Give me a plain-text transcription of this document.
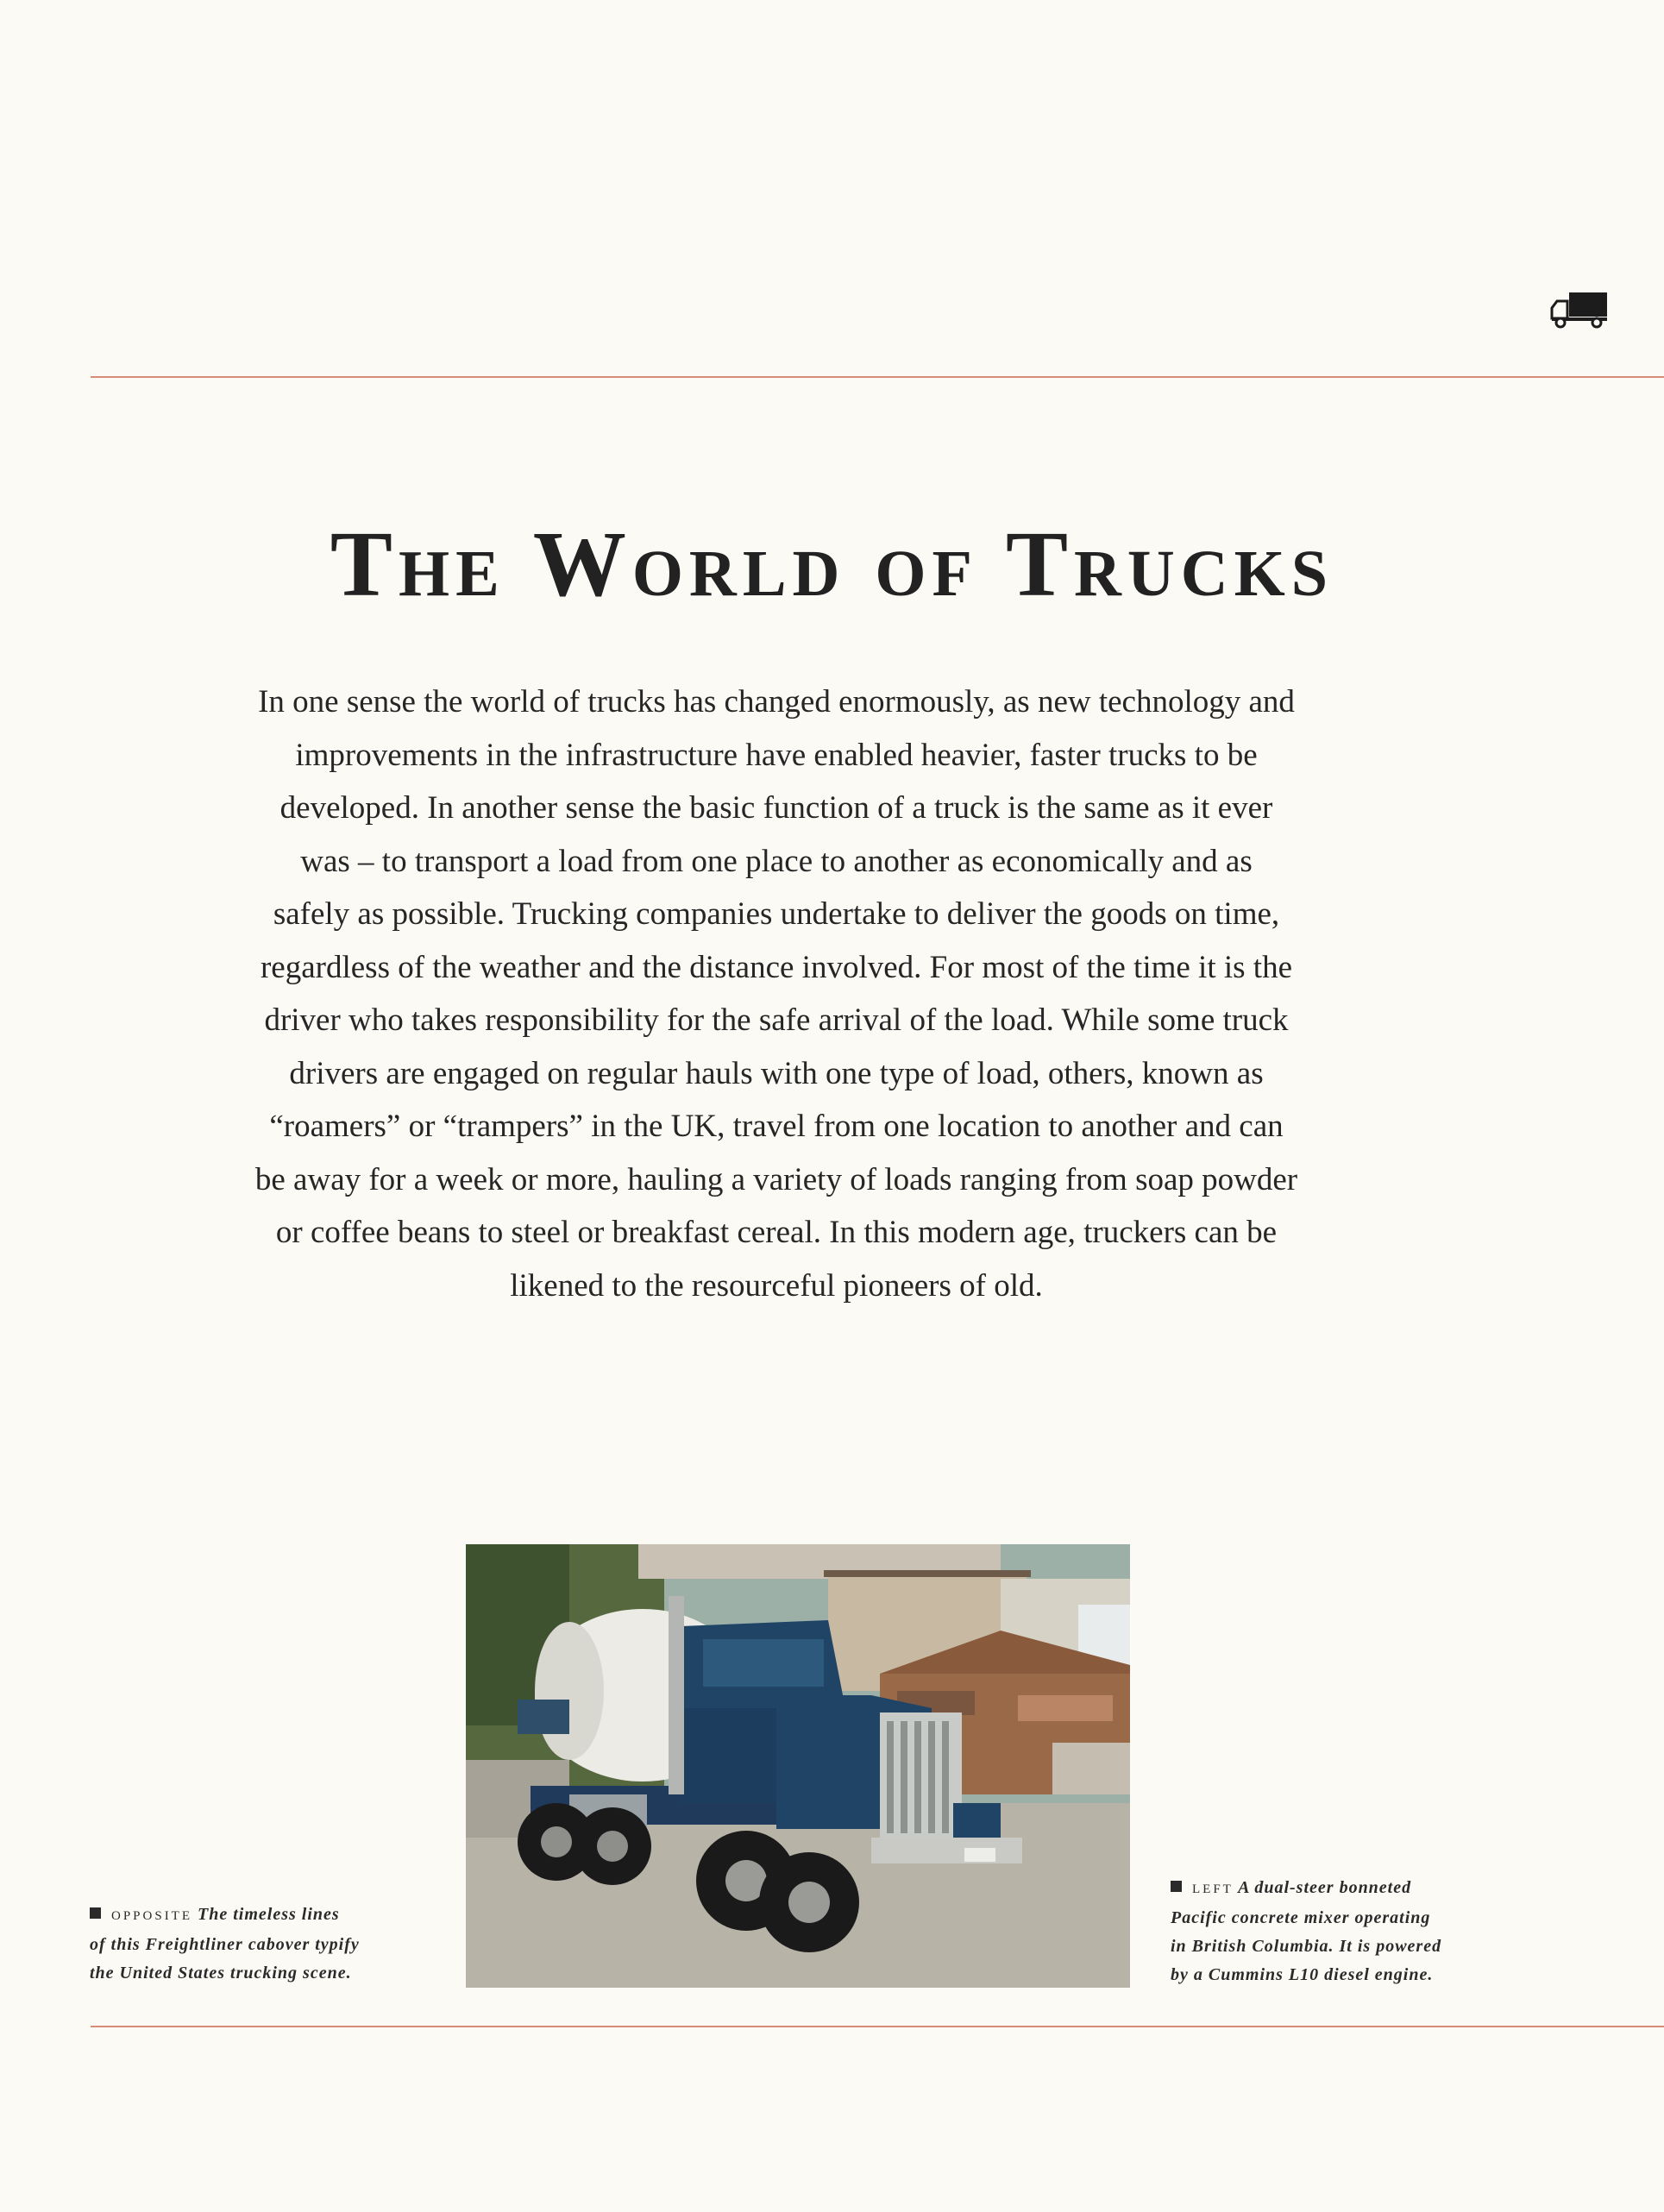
The World of Trucks
In one sense the world of trucks has changed enormously, as new technology and
improvements in the infrastructure have enabled heavier, faster trucks to be
developed. In another sense the basic function of a truck is the same as it ever
was – to transport a load from one place to another as economically and as
safely as possible. Trucking companies undertake to deliver the goods on time,
regardless of the weather and the distance involved. For most of the time it is the
driver who takes responsibility for the safe arrival of the load. While some truck
drivers are engaged on regular hauls with one type of load, others, known as
“roamers” or “trampers” in the UK, travel from one location to another and can
be away for a week or more, hauling a variety of loads ranging from soap powder
or coffee beans to steel or breakfast cereal. In this modern age, truckers can be
likened to the resourceful pioneers of old.
OPPOSITE The timeless lines
of this Freightliner cabover typify
the United States trucking scene.
LEFT A dual-steer bonneted
Pacific concrete mixer operating
in British Columbia. It is powered
by a Cummins L10 diesel engine.
